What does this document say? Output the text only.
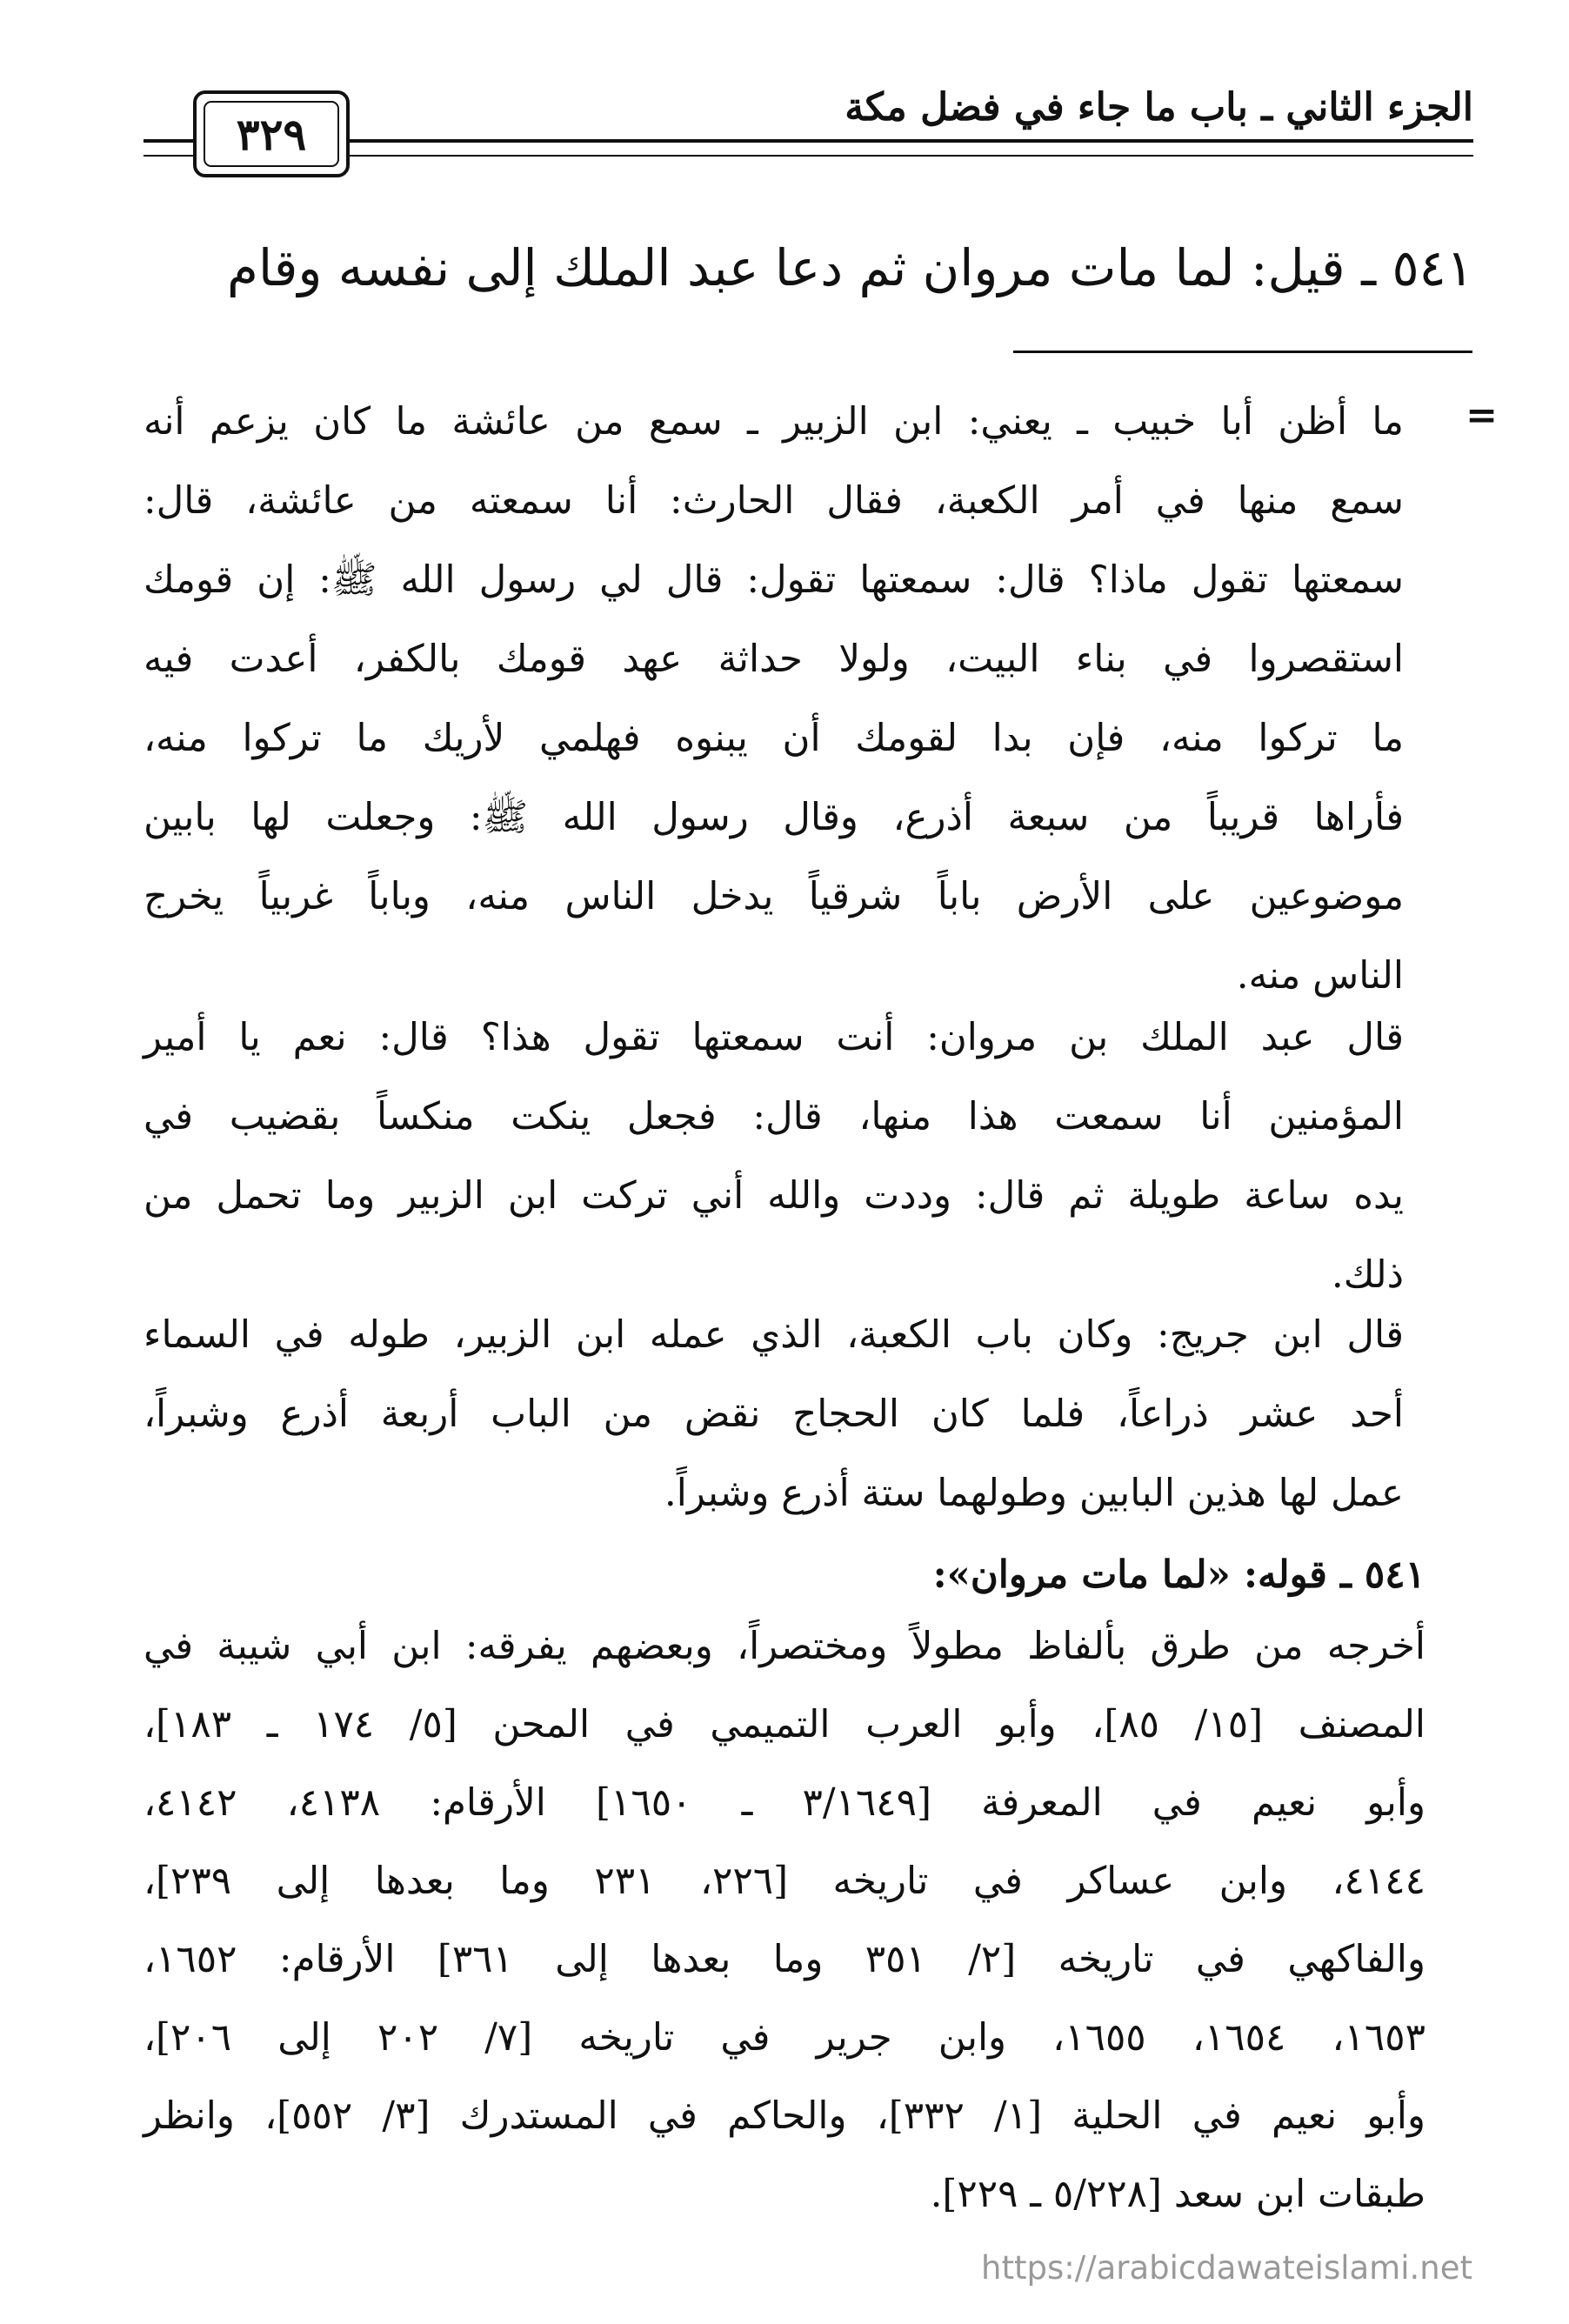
الجزء الثاني ـ باب ما جاء في فضل مكة
٣٢٩
٥٤١ ـ قيل: لما مات مروان ثم دعا عبد الملك إلى نفسه وقام
=
ما أظن أبا خبيب ـ يعني: ابن الزبير ـ سمع من عائشة ما كان يزعم أنه
سمع منها في أمر الكعبة، فقال الحارث: أنا سمعته من عائشة، قال:
سمعتها تقول ماذا؟ قال: سمعتها تقول: قال لي رسول الله ﷺ: إن قومك
استقصروا في بناء البيت، ولولا حداثة عهد قومك بالكفر، أعدت فيه
ما تركوا منه، فإن بدا لقومك أن يبنوه فهلمي لأريك ما تركوا منه،
فأراها قريباً من سبعة أذرع، وقال رسول الله ﷺ: وجعلت لها بابين
موضوعين على الأرض باباً شرقياً يدخل الناس منه، وباباً غربياً يخرج
الناس منه.
قال عبد الملك بن مروان: أنت سمعتها تقول هذا؟ قال: نعم يا أمير
المؤمنين أنا سمعت هذا منها، قال: فجعل ينكت منكساً بقضيب في
يده ساعة طويلة ثم قال: وددت والله أني تركت ابن الزبير وما تحمل من
ذلك.
قال ابن جريج: وكان باب الكعبة، الذي عمله ابن الزبير، طوله في السماء
أحد عشر ذراعاً، فلما كان الحجاج نقض من الباب أربعة أذرع وشبراً،
عمل لها هذين البابين وطولهما ستة أذرع وشبراً.
٥٤١ ـ قوله: «لما مات مروان»:
أخرجه من طرق بألفاظ مطولاً ومختصراً، وبعضهم يفرقه: ابن أبي شيبة في
المصنف [١٥/ ٨٥]، وأبو العرب التميمي في المحن [٥/ ١٧٤ ـ ١٨٣]،
وأبو نعيم في المعرفة [٣/١٦٤٩ ـ ١٦٥٠] الأرقام: ٤١٣٨، ٤١٤٢،
٤١٤٤، وابن عساكر في تاريخه [٢٢٦، ٢٣١ وما بعدها إلى ٢٣٩]،
والفاكهي في تاريخه [٢/ ٣٥١ وما بعدها إلى ٣٦١] الأرقام: ١٦٥٢،
١٦٥٣، ١٦٥٤، ١٦٥٥، وابن جرير في تاريخه [٧/ ٢٠٢ إلى ٢٠٦]،
وأبو نعيم في الحلية [١/ ٣٣٢]، والحاكم في المستدرك [٣/ ٥٥٢]، وانظر
طبقات ابن سعد [٥/٢٢٨ ـ ٢٢٩].
https://arabicdawateislami.net
